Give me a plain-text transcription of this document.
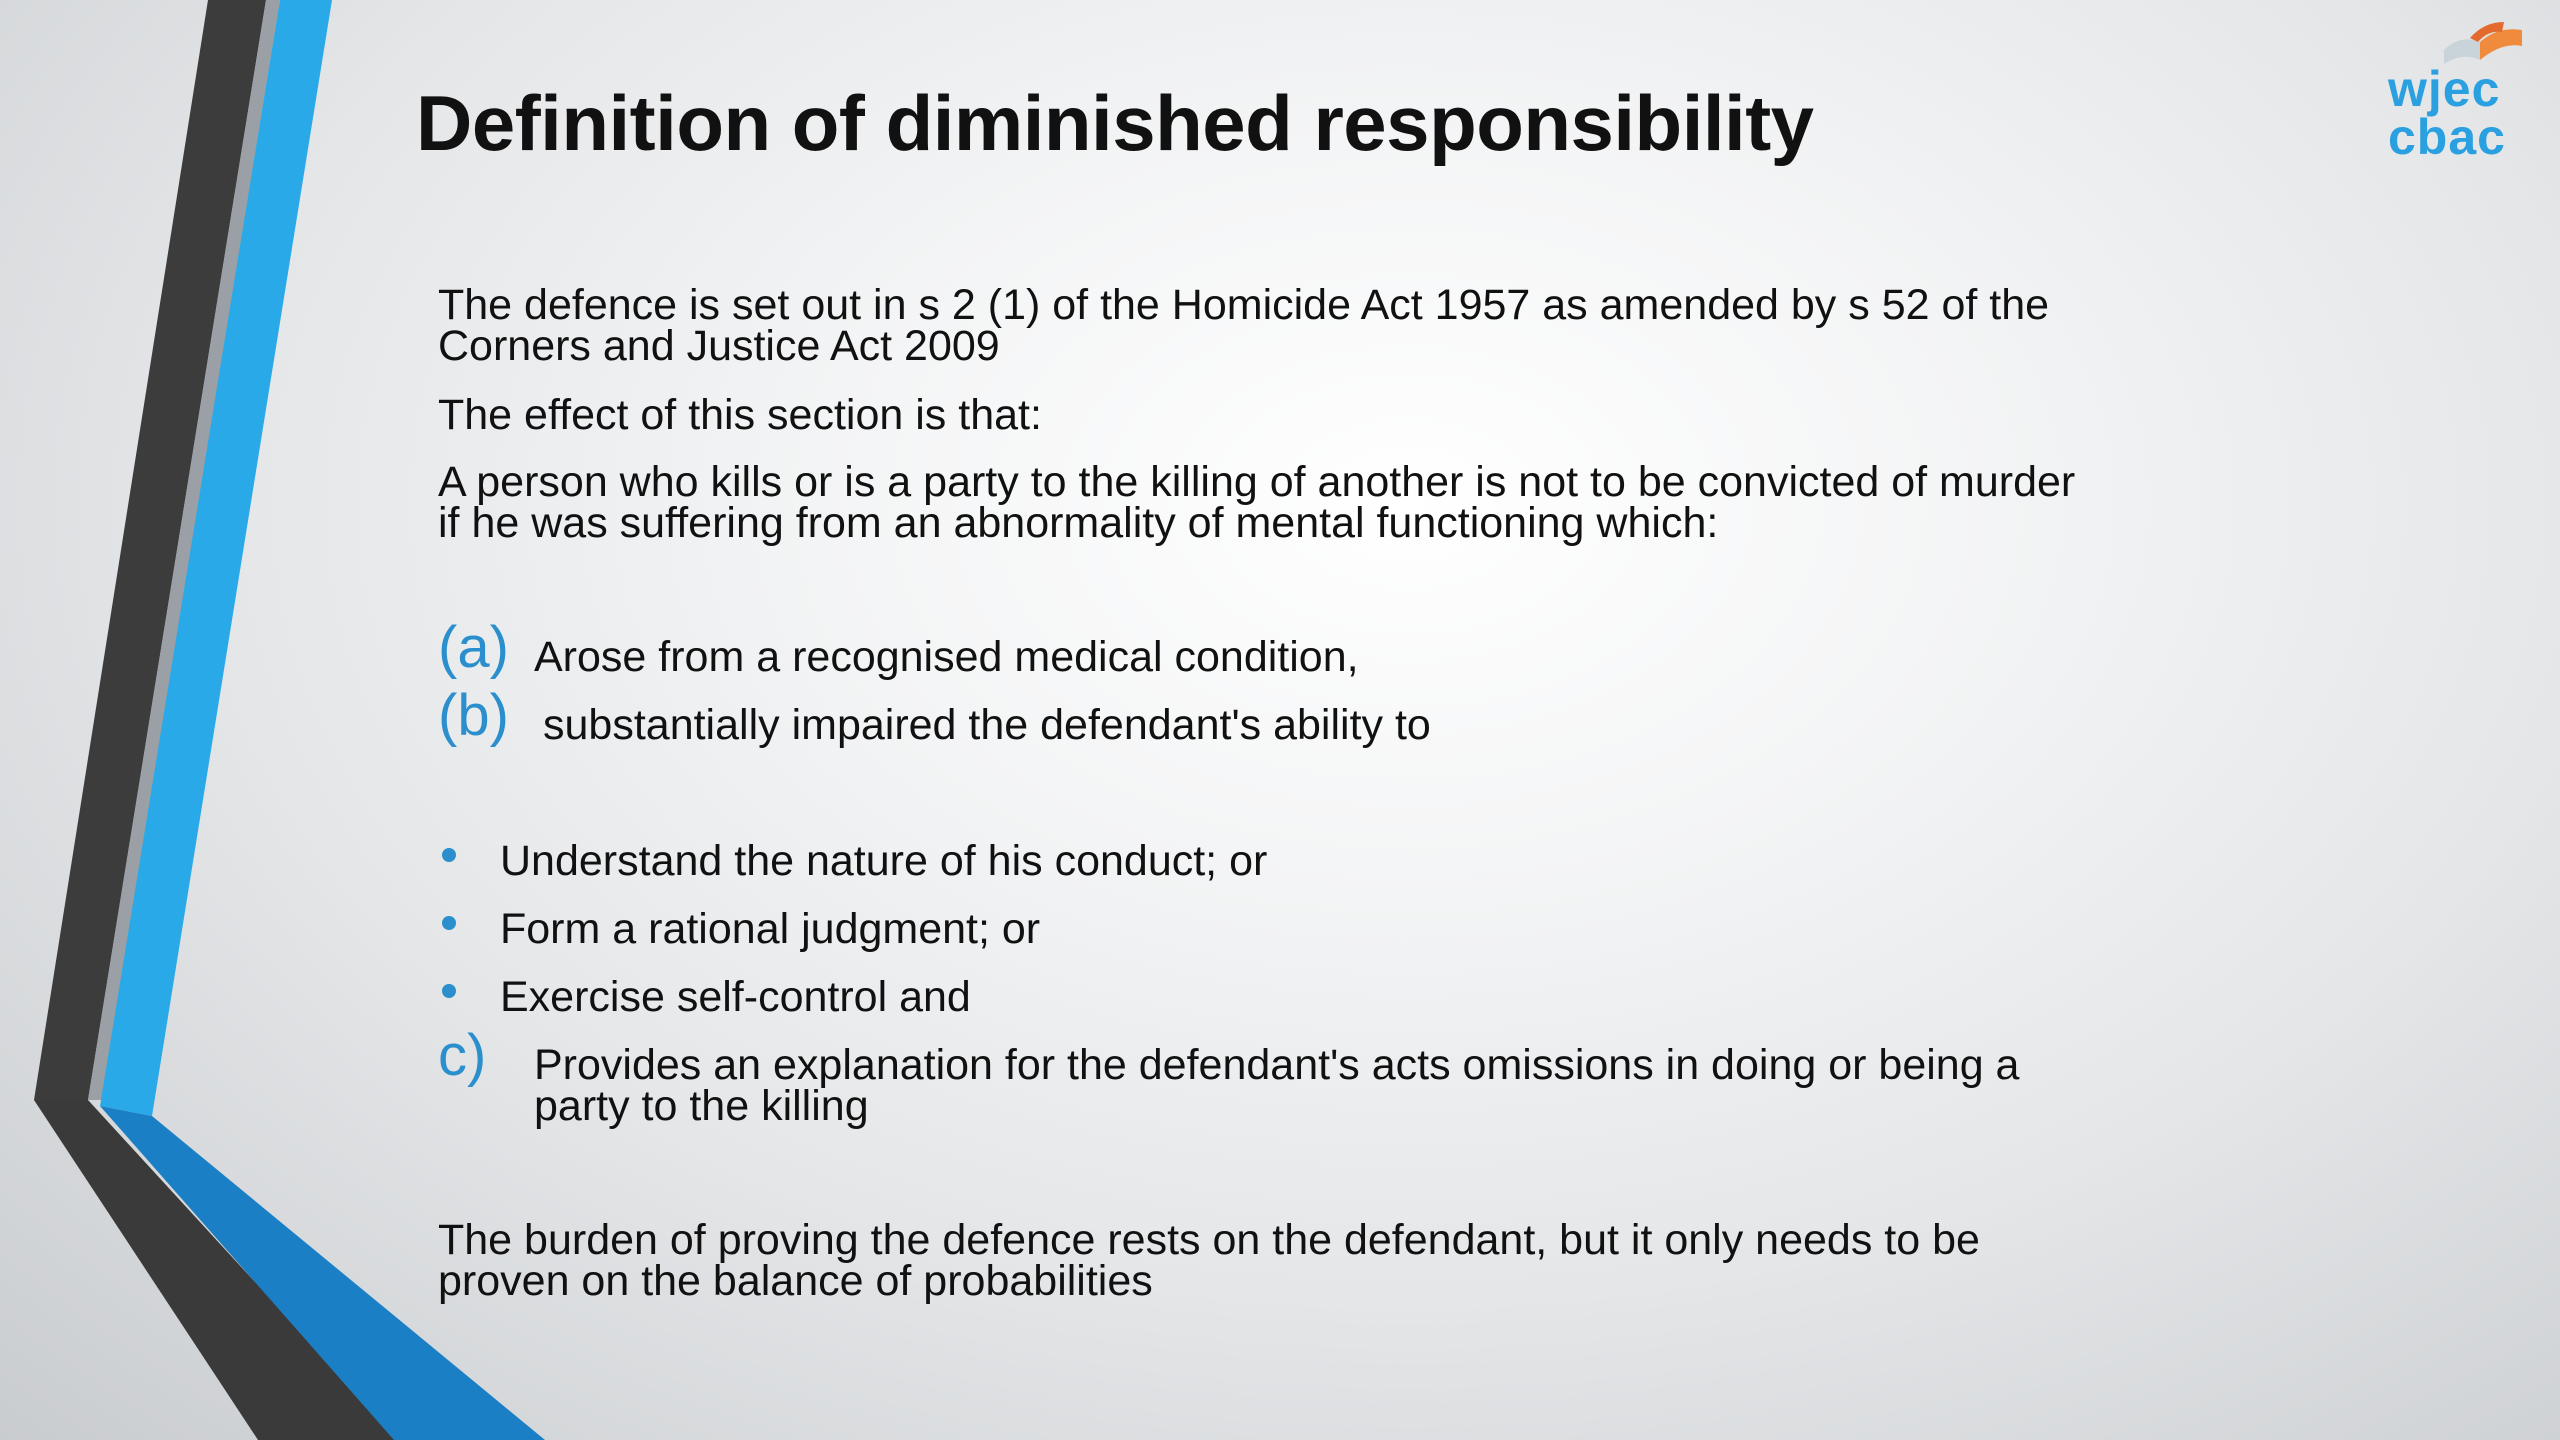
Definition of diminished responsibility	wjec
cbac
The defence is set out in s 2 (1) of the Homicide Act 1957 as amended by s 52 of the Corners and Justice Act 2009
The effect of this section is that:
A person who kills or is a party to the killing of another is not to be convicted of murder if he was suffering from an abnormality of mental functioning which:
(a) Arose from a recognised medical condition,
(b) substantially impaired the defendant's ability to
Understand the nature of his conduct; or
Form a rational judgment; or
Exercise self-control and
c) Provides an explanation for the defendant's acts omissions in doing or being a party to the killing
The burden of proving the defence rests on the defendant, but it only needs to be proven on the balance of probabilities
